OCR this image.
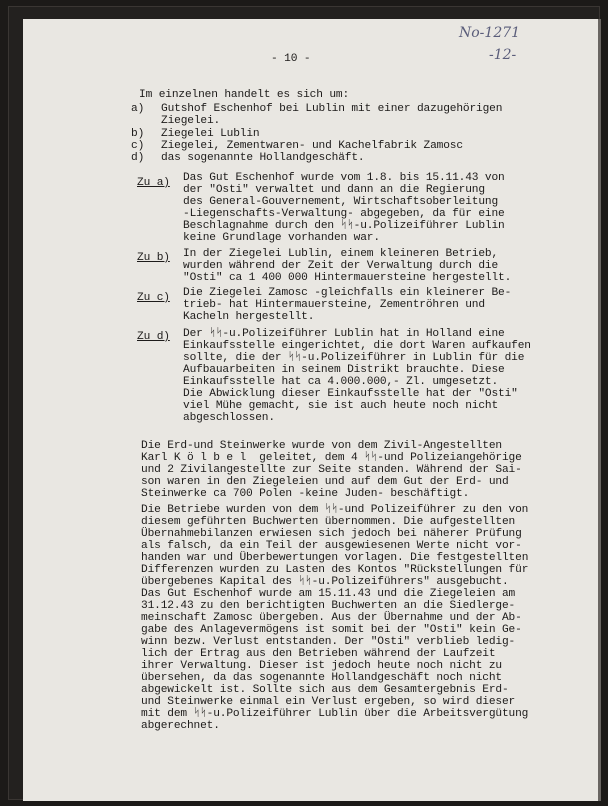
No-1271
-12-
- 10 -
Im einzelnen handelt es sich um:
a) Gutshof Eschenhof bei Lublin mit einer dazugehörigen
Ziegelei.
b) Ziegelei Lublin
c) Ziegelei, Zementwaren- und Kachelfabrik Zamosc
d) das sogenannte Hollandgeschäft.
Zu a) Das Gut Eschenhof wurde vom 1.8. bis 15.11.43 von
der "Osti" verwaltet und dann an die Regierung
des General-Gouvernement, Wirtschaftsoberleitung
-Liegenschafts-Verwaltung- abgegeben, da für eine
Beschlagnahme durch den ᛋᛋ-u.Polizeiführer Lublin
keine Grundlage vorhanden war.
Zu b) In der Ziegelei Lublin, einem kleineren Betrieb,
wurden während der Zeit der Verwaltung durch die
"Osti" ca 1 400 000 Hintermauersteine hergestellt.
Zu c) Die Ziegelei Zamosc -gleichfalls ein kleinerer Be-
trieb- hat Hintermauersteine, Zementröhren und
Kacheln hergestellt.
Zu d) Der ᛋᛋ-u.Polizeiführer Lublin hat in Holland eine
Einkaufsstelle eingerichtet, die dort Waren aufkaufen
sollte, die der ᛋᛋ-u.Polizeiführer in Lublin für die
Aufbauarbeiten in seinem Distrikt brauchte. Diese
Einkaufsstelle hat ca 4.000.000,- Zl. umgesetzt.
Die Abwicklung dieser Einkaufsstelle hat der "Osti"
viel Mühe gemacht, sie ist auch heute noch nicht
abgeschlossen.
Die Erd-und Steinwerke wurde von dem Zivil-Angestellten
Karl K ö l b e l  geleitet, dem 4 ᛋᛋ-und Polizeiangehörige
und 2 Zivilangestellte zur Seite standen. Während der Sai-
son waren in den Ziegeleien und auf dem Gut der Erd- und
Steinwerke ca 700 Polen -keine Juden- beschäftigt.
Die Betriebe wurden von dem ᛋᛋ-und Polizeiführer zu den von
diesem geführten Buchwerten übernommen. Die aufgestellten
Übernahmebilanzen erwiesen sich jedoch bei näherer Prüfung
als falsch, da ein Teil der ausgewiesenen Werte nicht vor-
handen war und Überbewertungen vorlagen. Die festgestellten
Differenzen wurden zu Lasten des Kontos "Rückstellungen für
übergebenes Kapital des ᛋᛋ-u.Polizeiführers" ausgebucht.
Das Gut Eschenhof wurde am 15.11.43 und die Ziegeleien am
31.12.43 zu den berichtigten Buchwerten an die Siedlerge-
meinschaft Zamosc übergeben. Aus der Übernahme und der Ab-
gabe des Anlagevermögens ist somit bei der "Osti" kein Ge-
winn bezw. Verlust entstanden. Der "Osti" verblieb ledig-
lich der Ertrag aus den Betrieben während der Laufzeit
ihrer Verwaltung. Dieser ist jedoch heute noch nicht zu
übersehen, da das sogenannte Hollandgeschäft noch nicht
abgewickelt ist. Sollte sich aus dem Gesamtergebnis Erd-
und Steinwerke einmal ein Verlust ergeben, so wird dieser
mit dem ᛋᛋ-u.Polizeiführer Lublin über die Arbeitsvergütung
abgerechnet.
